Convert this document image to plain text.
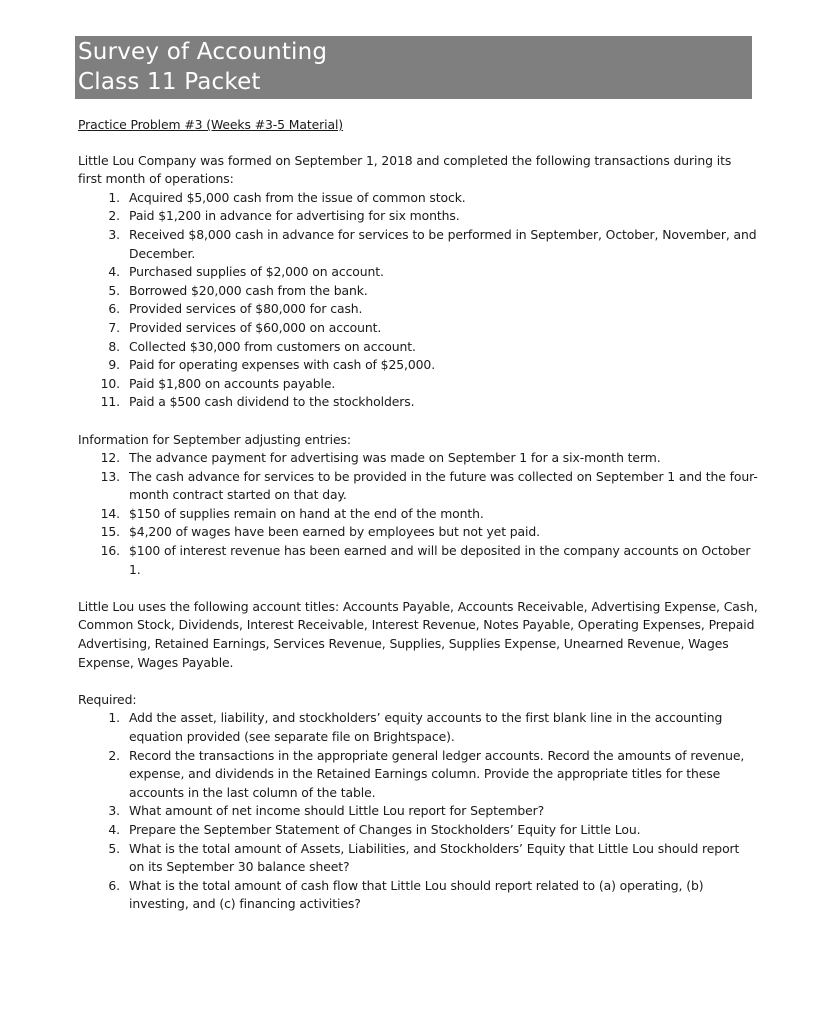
Survey of Accounting
Class 11 Packet

Practice Problem #3 (Weeks #3-5 Material)

Little Lou Company was formed on September 1, 2018 and completed the following transactions during its first month of operations:

1. Acquired $5,000 cash from the issue of common stock.
2. Paid $1,200 in advance for advertising for six months.
3. Received $8,000 cash in advance for services to be performed in September, October, November, and December.
4. Purchased supplies of $2,000 on account.
5. Borrowed $20,000 cash from the bank.
6. Provided services of $80,000 for cash.
7. Provided services of $60,000 on account.
8. Collected $30,000 from customers on account.
9. Paid for operating expenses with cash of $25,000.
10. Paid $1,800 on accounts payable.
11. Paid a $500 cash dividend to the stockholders.

Information for September adjusting entries:

12. The advance payment for advertising was made on September 1 for a six-month term.
13. The cash advance for services to be provided in the future was collected on September 1 and the four-month contract started on that day.
14. $150 of supplies remain on hand at the end of the month.
15. $4,200 of wages have been earned by employees but not yet paid.
16. $100 of interest revenue has been earned and will be deposited in the company accounts on October 1.

Little Lou uses the following account titles: Accounts Payable, Accounts Receivable, Advertising Expense, Cash, Common Stock, Dividends, Interest Receivable, Interest Revenue, Notes Payable, Operating Expenses, Prepaid Advertising, Retained Earnings, Services Revenue, Supplies, Supplies Expense, Unearned Revenue, Wages Expense, Wages Payable.

Required:

1. Add the asset, liability, and stockholders’ equity accounts to the first blank line in the accounting equation provided (see separate file on Brightspace).
2. Record the transactions in the appropriate general ledger accounts. Record the amounts of revenue, expense, and dividends in the Retained Earnings column. Provide the appropriate titles for these accounts in the last column of the table.
3. What amount of net income should Little Lou report for September?
4. Prepare the September Statement of Changes in Stockholders’ Equity for Little Lou.
5. What is the total amount of Assets, Liabilities, and Stockholders’ Equity that Little Lou should report on its September 30 balance sheet?
6. What is the total amount of cash flow that Little Lou should report related to (a) operating, (b) investing, and (c) financing activities?
